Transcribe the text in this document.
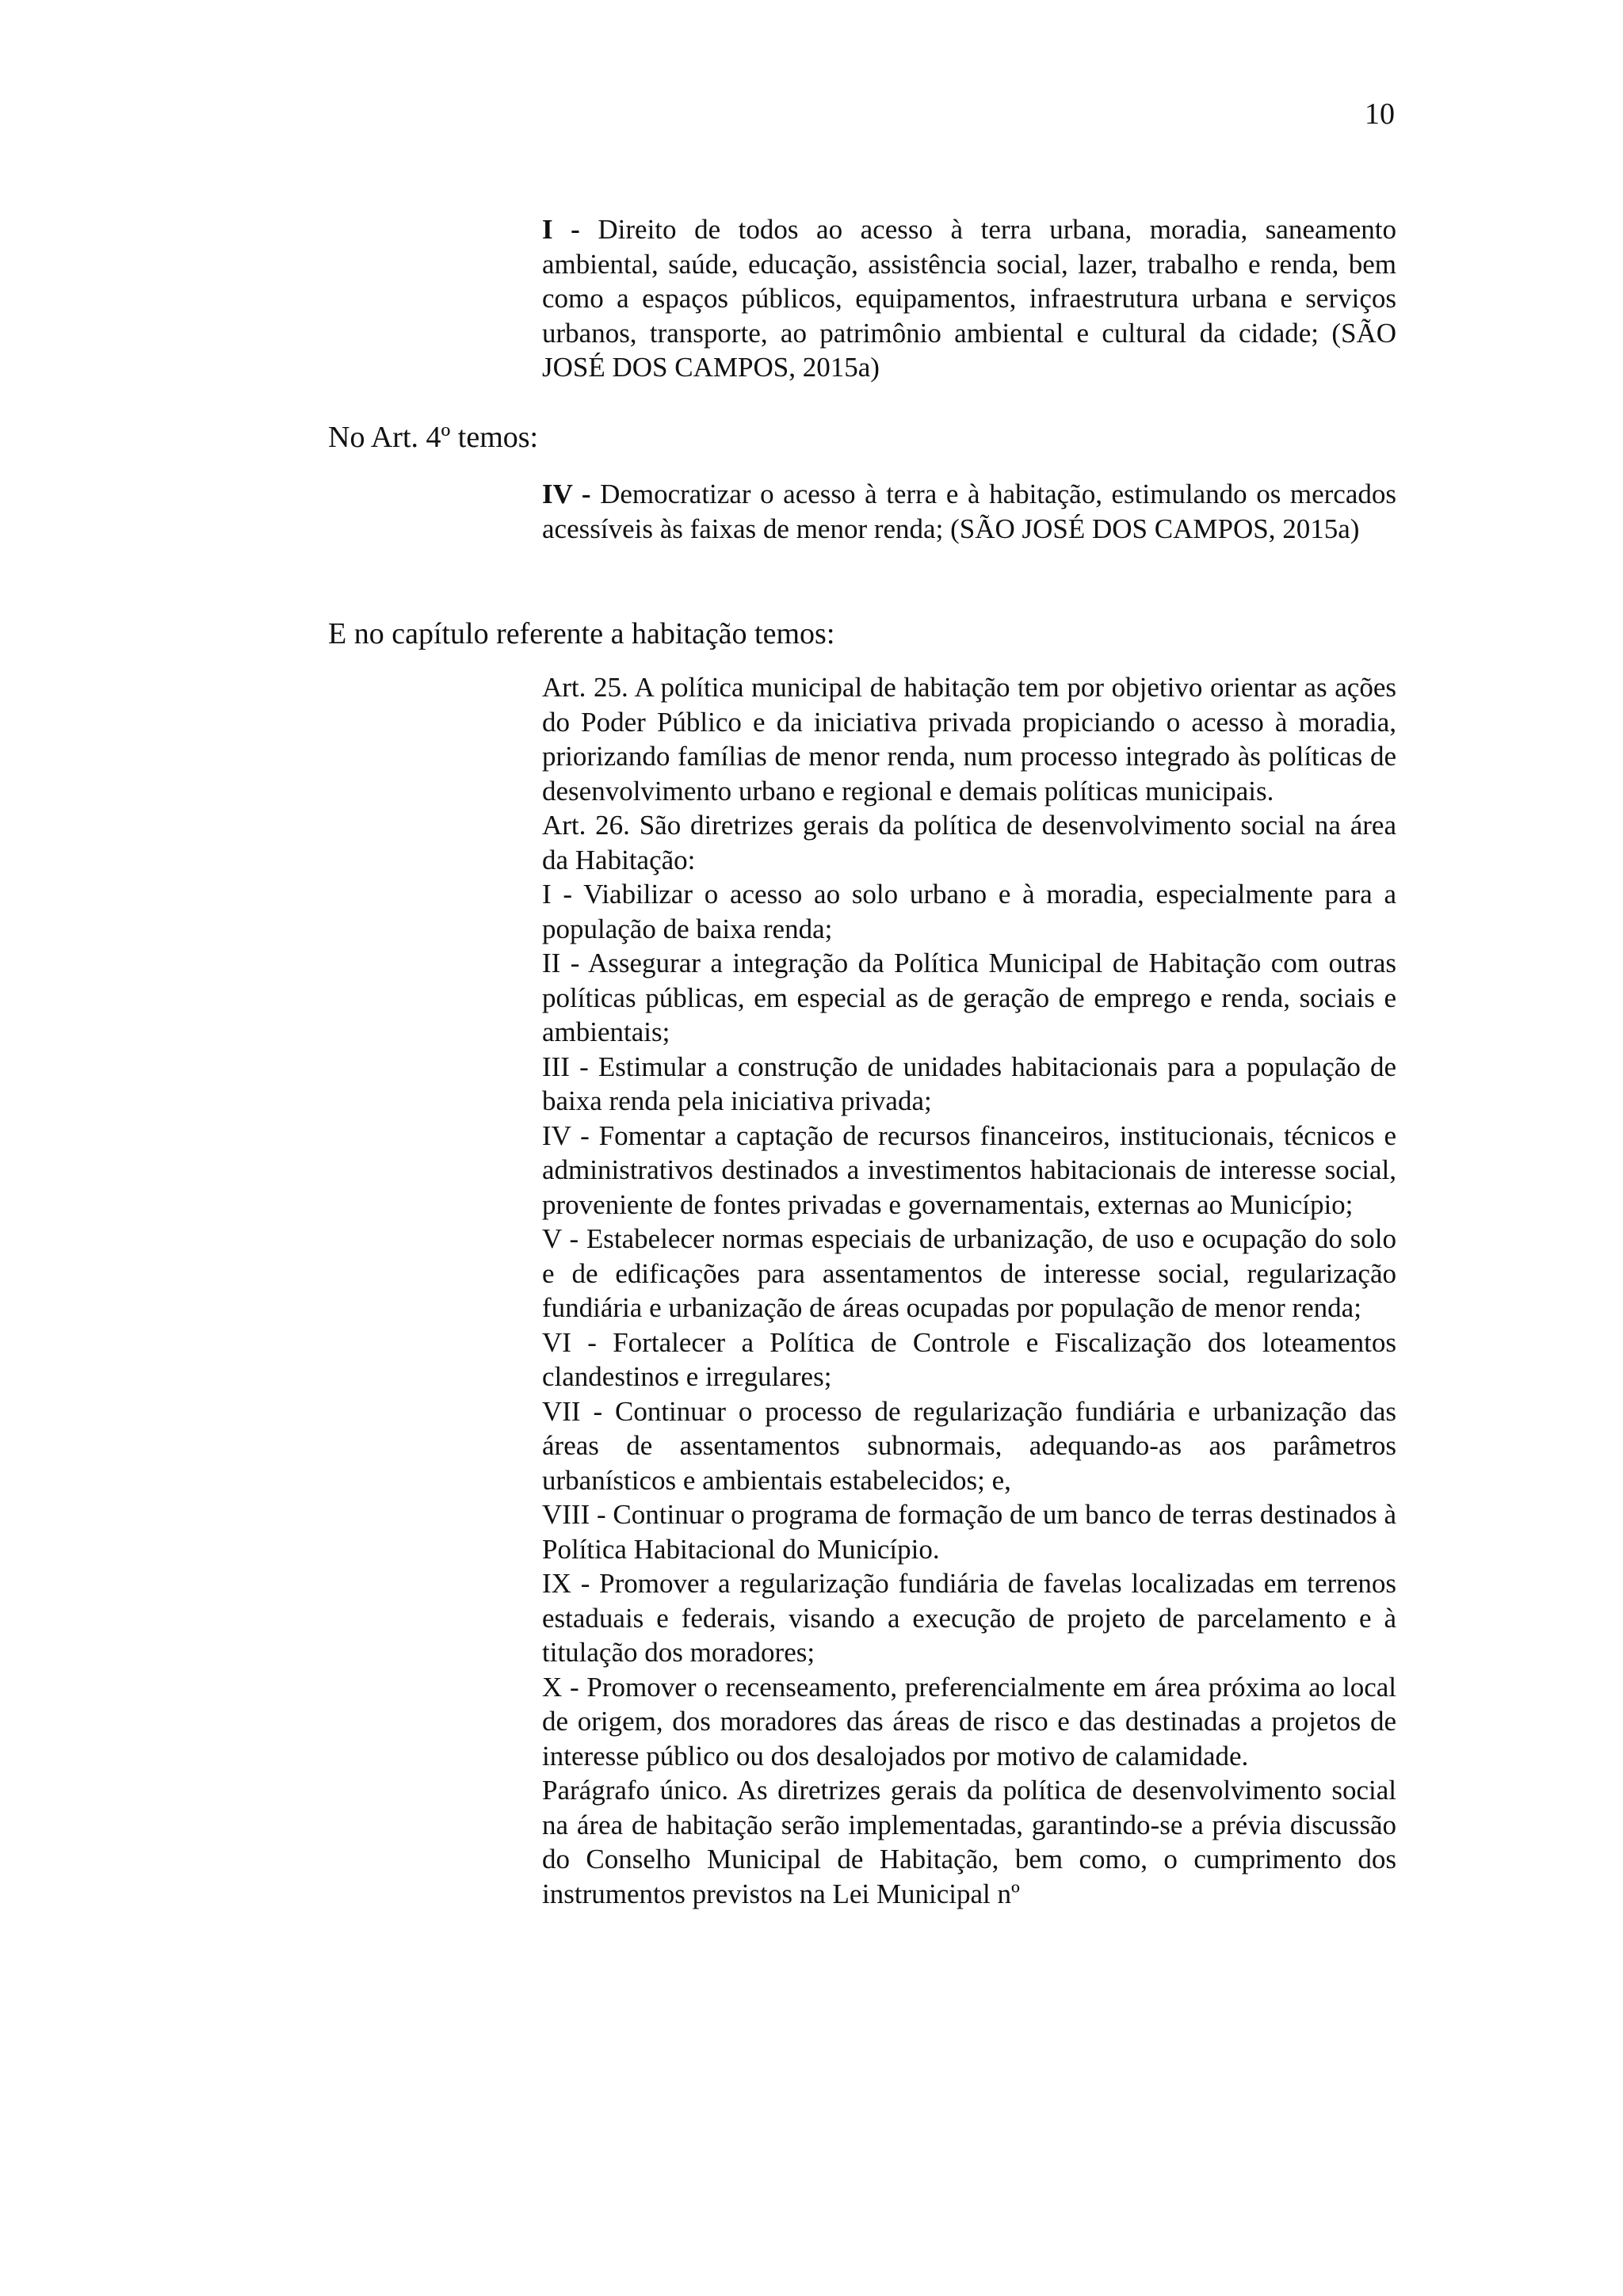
10

I - Direito de todos ao acesso à terra urbana, moradia, saneamento ambiental, saúde, educação, assistência social, lazer, trabalho e renda, bem como a espaços públicos, equipamentos, infraestrutura urbana e serviços urbanos, transporte, ao patrimônio ambiental e cultural da cidade; (SÃO JOSÉ DOS CAMPOS, 2015a)

No Art. 4º temos:

IV - Democratizar o acesso à terra e à habitação, estimulando os mercados acessíveis às faixas de menor renda; (SÃO JOSÉ DOS CAMPOS, 2015a)

E no capítulo referente a habitação temos:

Art. 25. A política municipal de habitação tem por objetivo orientar as ações do Poder Público e da iniciativa privada propiciando o acesso à moradia, priorizando famílias de menor renda, num processo integrado às políticas de desenvolvimento urbano e regional e demais políticas municipais.

Art. 26. São diretrizes gerais da política de desenvolvimento social na área da Habitação:

I - Viabilizar o acesso ao solo urbano e à moradia, especialmente para a população de baixa renda;

II - Assegurar a integração da Política Municipal de Habitação com outras políticas públicas, em especial as de geração de emprego e renda, sociais e ambientais;

III - Estimular a construção de unidades habitacionais para a população de baixa renda pela iniciativa privada;

IV - Fomentar a captação de recursos financeiros, institucionais, técnicos e administrativos destinados a investimentos habitacionais de interesse social, proveniente de fontes privadas e governamentais, externas ao Município;

V - Estabelecer normas especiais de urbanização, de uso e ocupação do solo e de edificações para assentamentos de interesse social, regularização fundiária e urbanização de áreas ocupadas por população de menor renda;

VI - Fortalecer a Política de Controle e Fiscalização dos loteamentos clandestinos e irregulares;

VII - Continuar o processo de regularização fundiária e urbanização das áreas de assentamentos subnormais, adequando-as aos parâmetros urbanísticos e ambientais estabelecidos; e,

VIII - Continuar o programa de formação de um banco de terras destinados à Política Habitacional do Município.

IX - Promover a regularização fundiária de favelas localizadas em terrenos estaduais e federais, visando a execução de projeto de parcelamento e à titulação dos moradores;

X - Promover o recenseamento, preferencialmente em área próxima ao local de origem, dos moradores das áreas de risco e das destinadas a projetos de interesse público ou dos desalojados por motivo de calamidade.

Parágrafo único. As diretrizes gerais da política de desenvolvimento social na área de habitação serão implementadas, garantindo-se a prévia discussão do Conselho Municipal de Habitação, bem como, o cumprimento dos instrumentos previstos na Lei Municipal nº
